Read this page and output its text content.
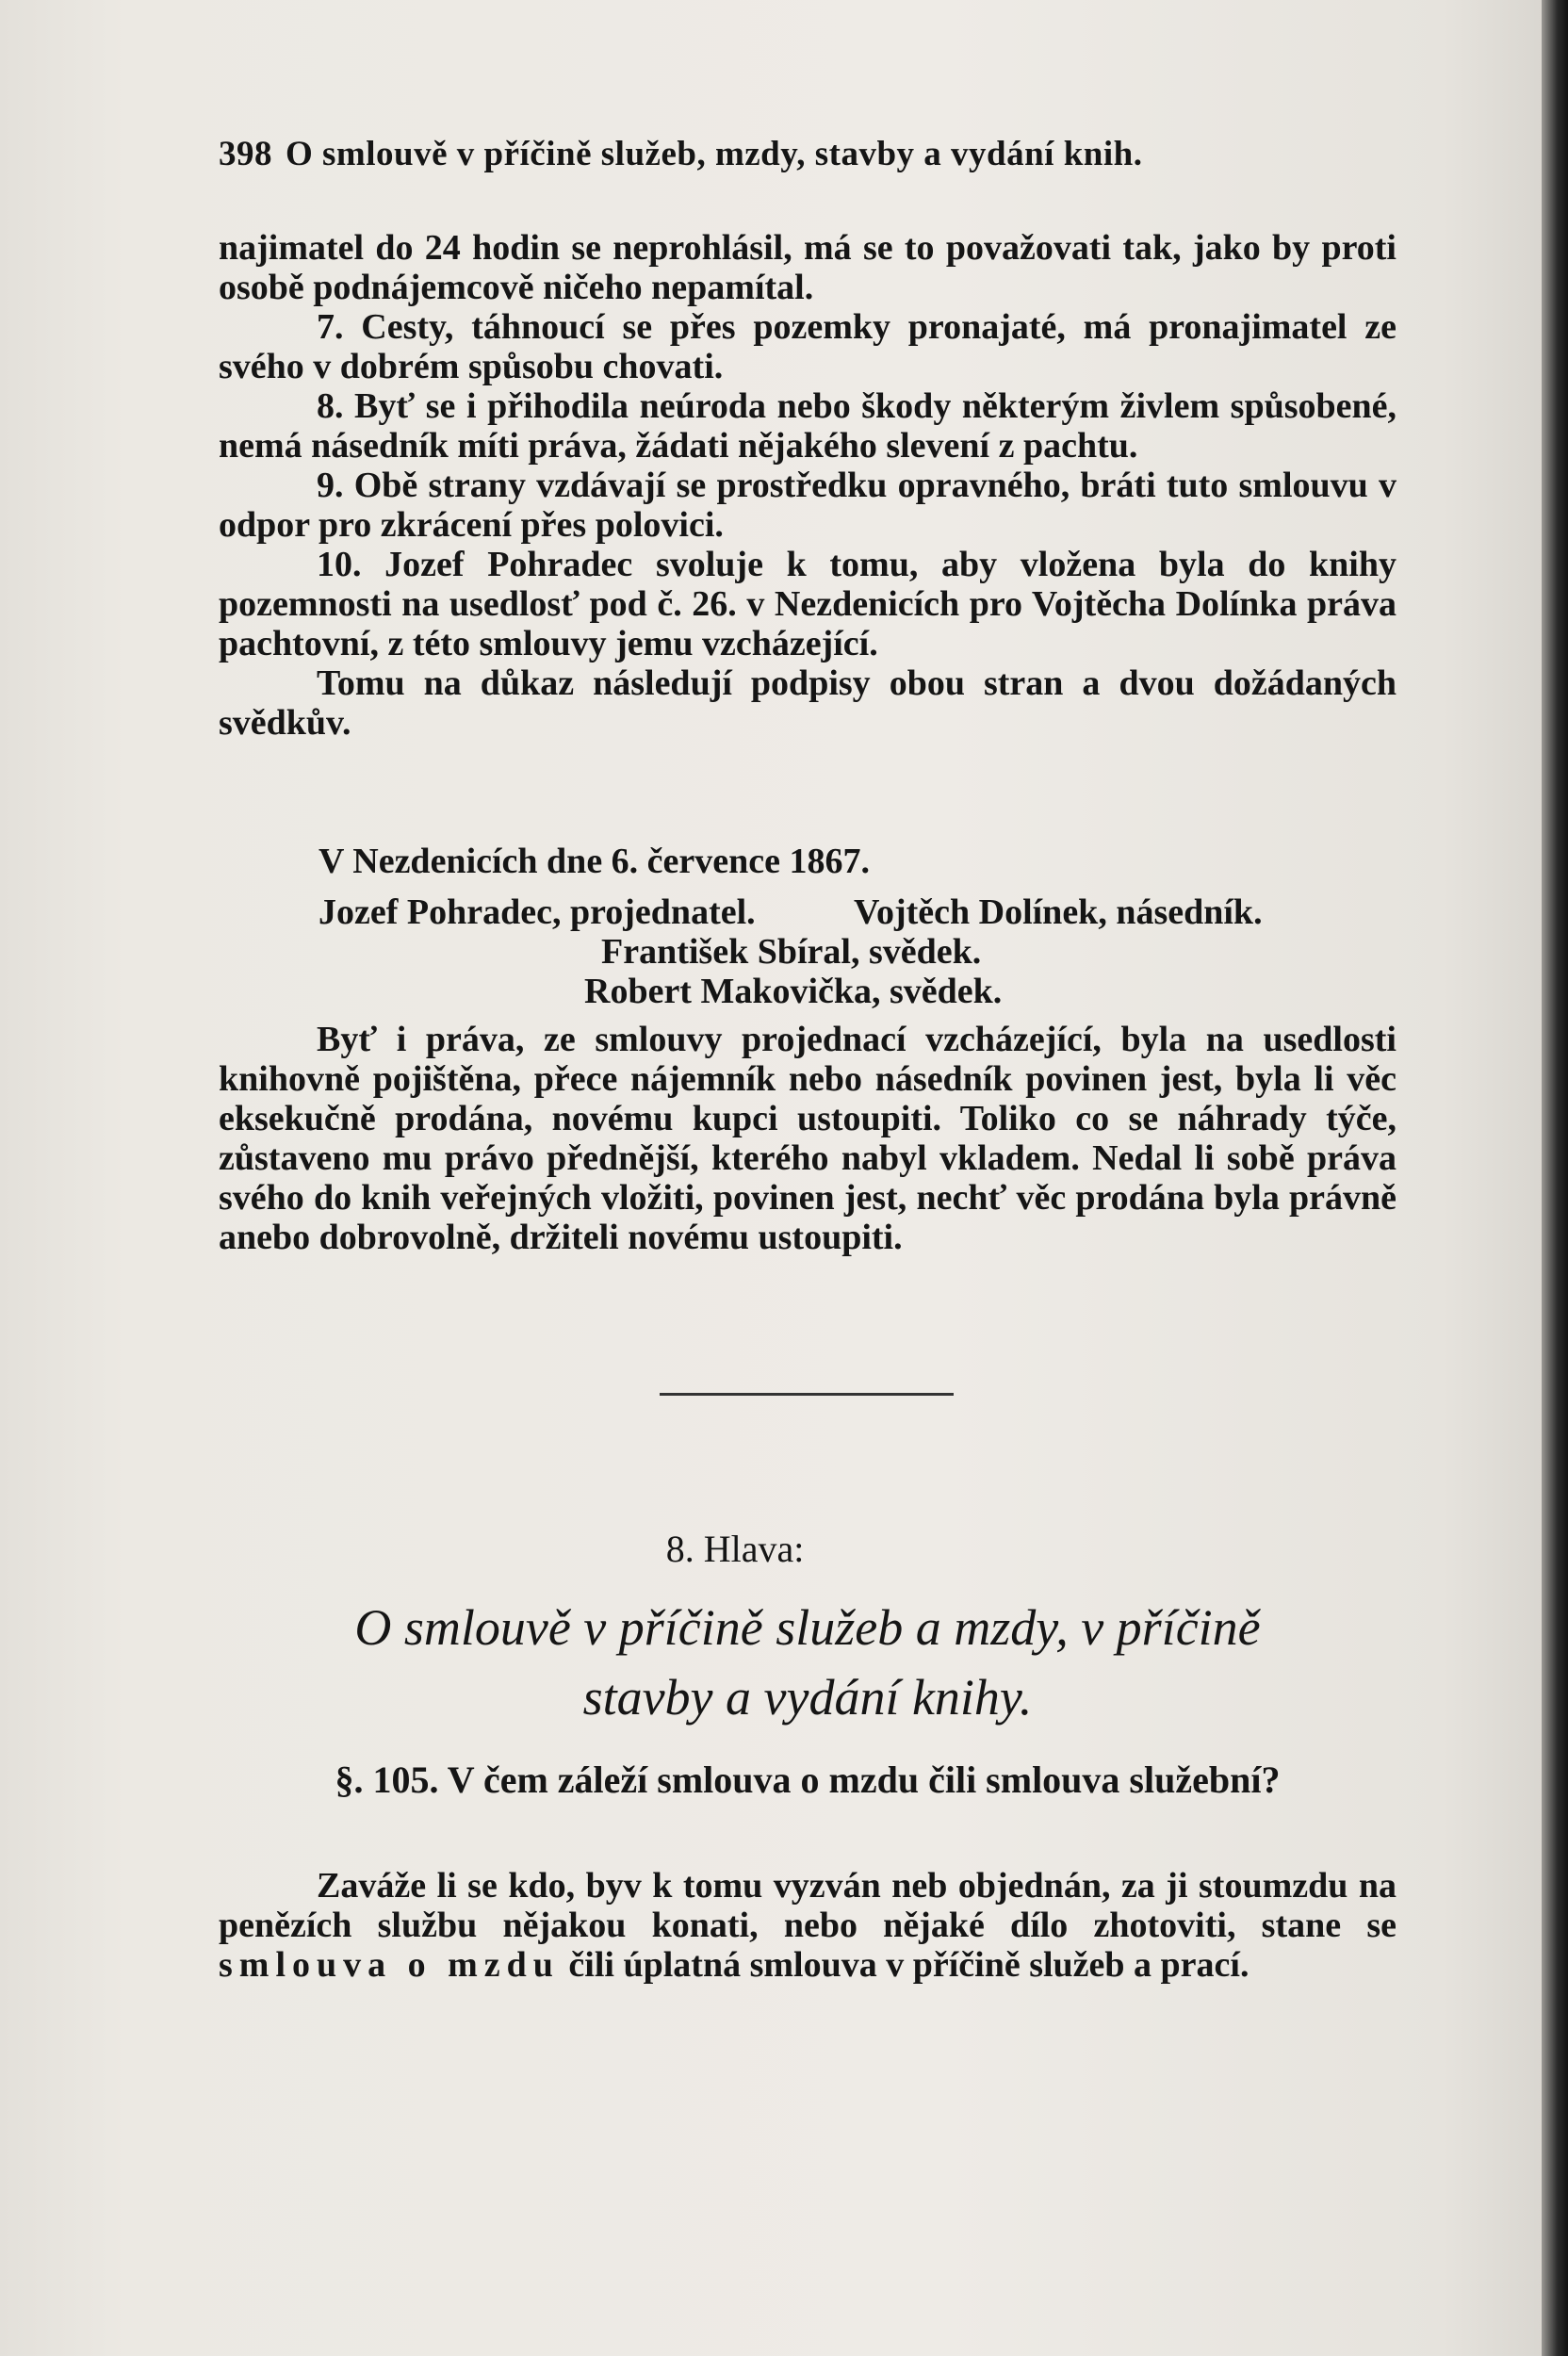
398 O smlouvě v příčině služeb, mzdy, stavby a vydání knih.

najimatel do 24 hodin se neprohlásil, má se to považovati tak, jako by proti osobě podnájemcově ničeho nepamítal.

7. Cesty, táhnoucí se přes pozemky pronajaté, má pronajimatel ze svého v dobrém spůsobu chovati.

8. Byť se i přihodila neúroda nebo škody některým živlem spůsobené, nemá násedník míti práva, žádati nějakého slevení z pachtu.

9. Obě strany vzdávají se prostředku opravného, bráti tuto smlouvu v odpor pro zkrácení přes polovici.

10. Jozef Pohradec svoluje k tomu, aby vložena byla do knihy pozemnosti na usedlosť pod č. 26. v Nezdenicích pro Vojtěcha Dolínka práva pachtovní, z této smlouvy jemu vzcházející.

Tomu na důkaz následují podpisy obou stran a dvou dožádaných svědkův.

V Nezdenicích dne 6. července 1867.
Jozef Pohradec, projednatel.	Vojtěch Dolínek, násedník.
František Sbíral, svědek.
Robert Makovička, svědek.

Byť i práva, ze smlouvy projednací vzcházející, byla na usedlosti knihovně pojištěna, přece nájemník nebo násedník povinen jest, byla li věc eksekučně prodána, novému kupci ustoupiti. Toliko co se náhrady týče, zůstaveno mu právo přednější, kterého nabyl vkladem. Nedal li sobě práva svého do knih veřejných vložiti, povinen jest, nechť věc prodána byla právně anebo dobrovolně, držiteli novému ustoupiti.

8. Hlava:
O smlouvě v příčině služeb a mzdy, v příčině
stavby a vydání knihy.
§. 105. V čem záleží smlouva o mzdu čili smlouva služební?

Zaváže li se kdo, byv k tomu vyzván neb objednán, za ji stoumzdu na penězích službu nějakou konati, nebo nějaké dílo zhotoviti, stane se smlouva o mzdu čili úplatná smlouva v příčině služeb a prací.
